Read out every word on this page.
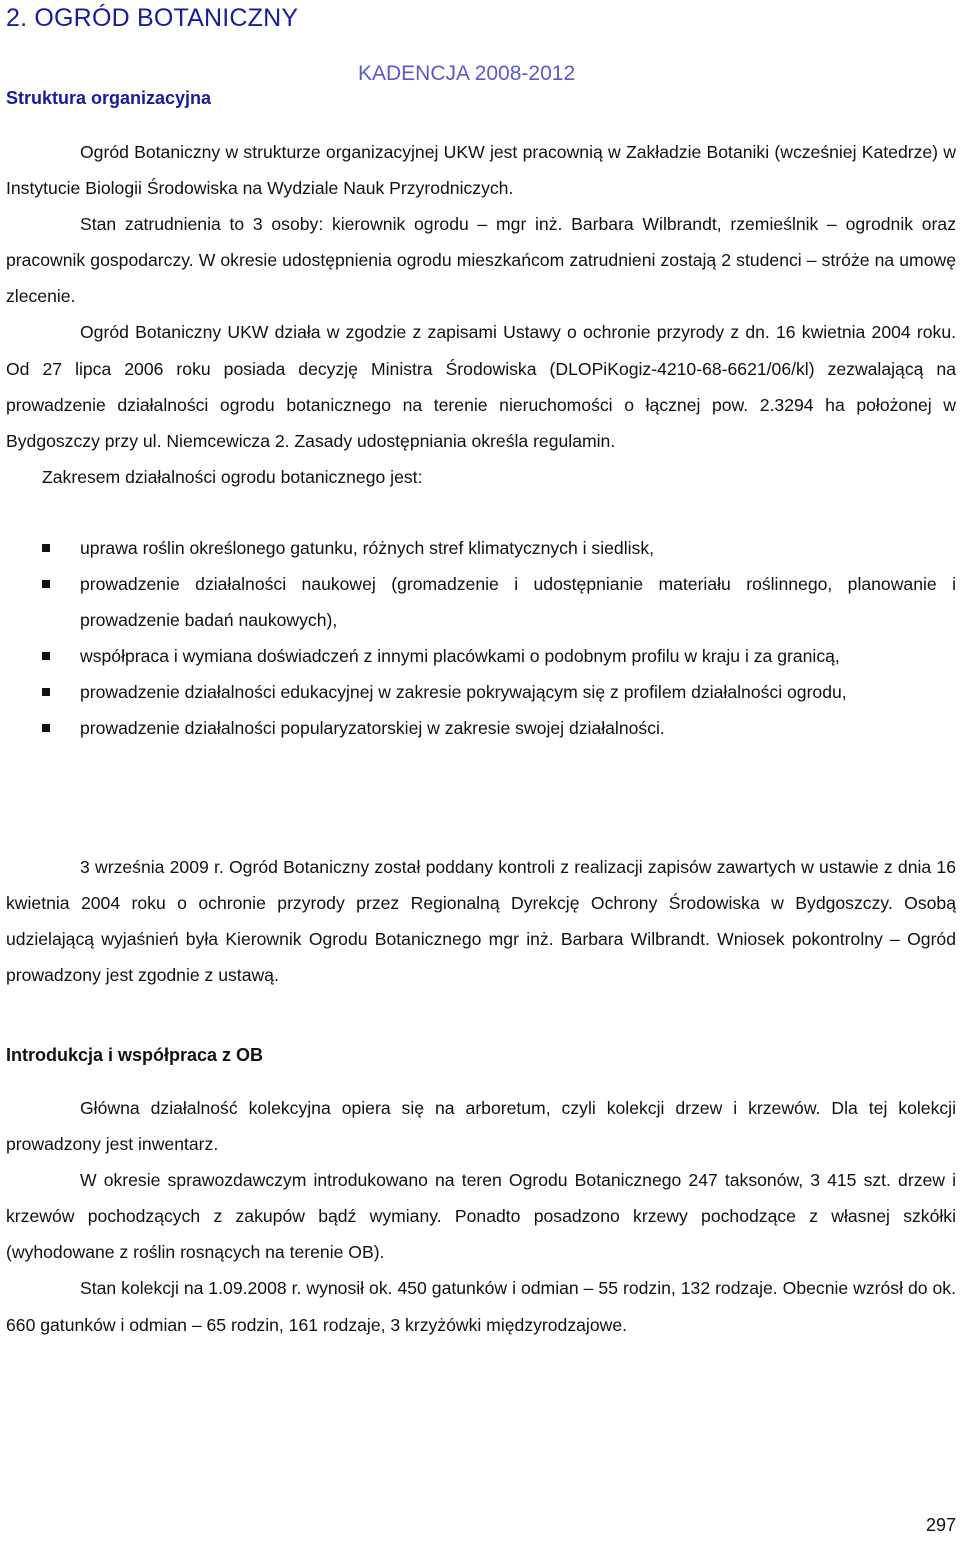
2. OGRÓD BOTANICZNY
KADENCJA 2008-2012
Struktura organizacyjna

Ogród Botaniczny w strukturze organizacyjnej UKW jest pracownią w Zakładzie Botaniki (wcześniej Katedrze) w Instytucie Biologii Środowiska na Wydziale Nauk Przyrodniczych.

Stan zatrudnienia to 3 osoby: kierownik ogrodu – mgr inż. Barbara Wilbrandt, rzemieślnik – ogrodnik oraz pracownik gospodarczy. W okresie udostępnienia ogrodu mieszkańcom zatrudnieni zostają 2 studenci – stróże na umowę zlecenie.

Ogród Botaniczny UKW działa w zgodzie z zapisami Ustawy o ochronie przyrody z dn. 16 kwietnia 2004 roku. Od 27 lipca 2006 roku posiada decyzję Ministra Środowiska (DLOPiKogiz-4210-68-6621/06/kl) zezwalającą na prowadzenie działalności ogrodu botanicznego na terenie nieruchomości o łącznej pow. 2.3294 ha położonej w Bydgoszczy przy ul. Niemcewicza 2. Zasady udostępniania określa regulamin.

Zakresem działalności ogrodu botanicznego jest:

uprawa roślin określonego gatunku, różnych stref klimatycznych i siedlisk,
prowadzenie działalności naukowej (gromadzenie i udostępnianie materiału roślinnego, planowanie i prowadzenie badań naukowych),
współpraca i wymiana doświadczeń z innymi placówkami o podobnym profilu w kraju i za granicą,
prowadzenie działalności edukacyjnej w zakresie pokrywającym się z profilem działalności ogrodu,
prowadzenie działalności popularyzatorskiej w zakresie swojej działalności.

3 września 2009 r. Ogród Botaniczny został poddany kontroli z realizacji zapisów zawartych w ustawie z dnia 16 kwietnia 2004 roku o ochronie przyrody przez Regionalną Dyrekcję Ochrony Środowiska w Bydgoszczy. Osobą udzielającą wyjaśnień była Kierownik Ogrodu Botanicznego mgr inż. Barbara Wilbrandt. Wniosek pokontrolny – Ogród prowadzony jest zgodnie z ustawą.

Introdukcja i współpraca z OB

Główna działalność kolekcyjna opiera się na arboretum, czyli kolekcji drzew i krzewów. Dla tej kolekcji prowadzony jest inwentarz.

W okresie sprawozdawczym introdukowano na teren Ogrodu Botanicznego 247 taksonów, 3 415 szt. drzew i krzewów pochodzących z zakupów bądź wymiany. Ponadto posadzono krzewy pochodzące z własnej szkółki (wyhodowane z roślin rosnących na terenie OB).

Stan kolekcji na 1.09.2008 r. wynosił ok. 450 gatunków i odmian – 55 rodzin, 132 rodzaje. Obecnie wzrósł do ok. 660 gatunków i odmian – 65 rodzin, 161 rodzaje, 3 krzyżówki międzyrodzajowe.

297
